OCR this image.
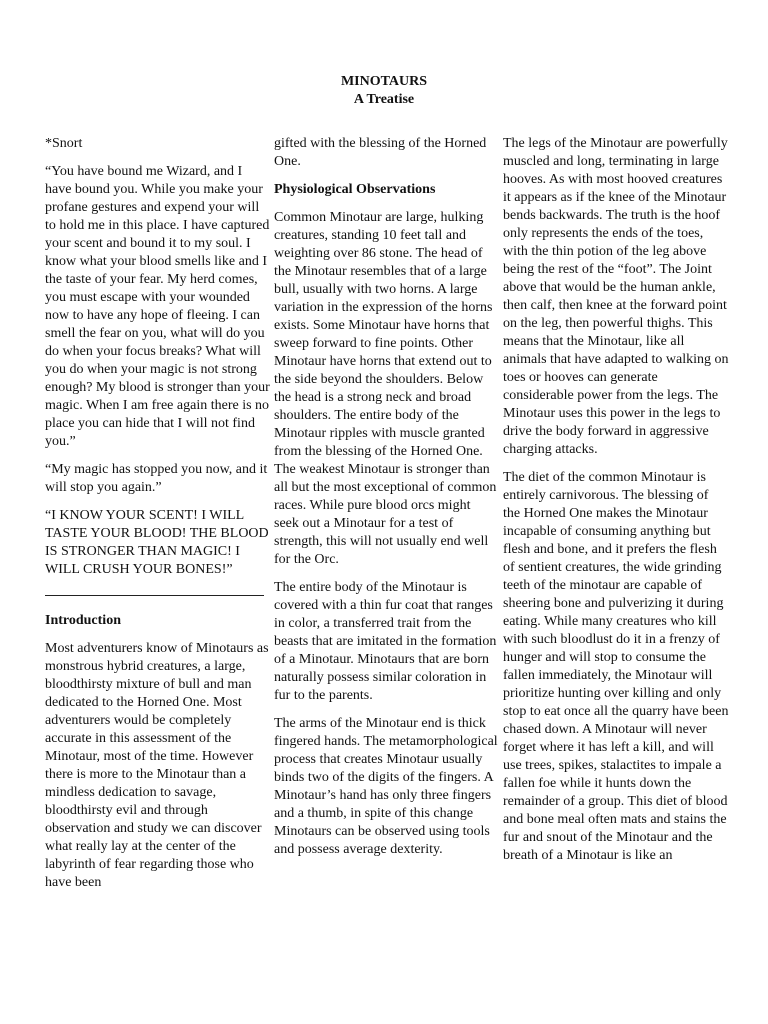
MINOTAURS
A Treatise

*Snort

“You have bound me Wizard, and I have bound you. While you make your profane gestures and expend your will to hold me in this place. I have captured your scent and bound it to my soul. I know what your blood smells like and I the taste of your fear. My herd comes, you must escape with your wounded now to have any hope of fleeing. I can smell the fear on you, what will do you do when your focus breaks? What will you do when your magic is not strong enough? My blood is stronger than your magic. When I am free again there is no place you can hide that I will not find you.”

“My magic has stopped you now, and it will stop you again.”

“I KNOW YOUR SCENT! I WILL TASTE YOUR BLOOD! THE BLOOD IS STRONGER THAN MAGIC! I WILL CRUSH YOUR BONES!”

Introduction

Most adventurers know of Minotaurs as monstrous hybrid creatures, a large, bloodthirsty mixture of bull and man dedicated to the Horned One. Most adventurers would be completely accurate in this assessment of the Minotaur, most of the time. However there is more to the Minotaur than a mindless dedication to savage, bloodthirsty evil and through observation and study we can discover what really lay at the center of the labyrinth of fear regarding those who have been

gifted with the blessing of the Horned One.

Physiological Observations

Common Minotaur are large, hulking creatures, standing 10 feet tall and weighting over 86 stone. The head of the Minotaur resembles that of a large bull, usually with two horns. A large variation in the expression of the horns exists. Some Minotaur have horns that sweep forward to fine points. Other Minotaur have horns that extend out to the side beyond the shoulders. Below the head is a strong neck and broad shoulders. The entire body of the Minotaur ripples with muscle granted from the blessing of the Horned One. The weakest Minotaur is stronger than all but the most exceptional of common races. While pure blood orcs might seek out a Minotaur for a test of strength, this will not usually end well for the Orc.

The entire body of the Minotaur is covered with a thin fur coat that ranges in color, a transferred trait from the beasts that are imitated in the formation of a Minotaur. Minotaurs that are born naturally possess similar coloration in fur to the parents.

The arms of the Minotaur end is thick fingered hands. The metamorphological process that creates Minotaur usually binds two of the digits of the fingers. A Minotaur’s hand has only three fingers and a thumb, in spite of this change Minotaurs can be observed using tools and possess average dexterity.

The legs of the Minotaur are powerfully muscled and long, terminating in large hooves. As with most hooved creatures it appears as if the knee of the Minotaur bends backwards. The truth is the hoof only represents the ends of the toes, with the thin potion of the leg above being the rest of the “foot”. The Joint above that would be the human ankle, then calf, then knee at the forward point on the leg, then powerful thighs. This means that the Minotaur, like all animals that have adapted to walking on toes or hooves can generate considerable power from the legs. The Minotaur uses this power in the legs to drive the body forward in aggressive charging attacks.

The diet of the common Minotaur is entirely carnivorous. The blessing of the Horned One makes the Minotaur incapable of consuming anything but flesh and bone, and it prefers the flesh of sentient creatures, the wide grinding teeth of the minotaur are capable of sheering bone and pulverizing it during eating. While many creatures who kill with such bloodlust do it in a frenzy of hunger and will stop to consume the fallen immediately, the Minotaur will prioritize hunting over killing and only stop to eat once all the quarry have been chased down. A Minotaur will never forget where it has left a kill, and will use trees, spikes, stalactites to impale a fallen foe while it hunts down the remainder of a group. This diet of blood and bone meal often mats and stains the fur and snout of the Minotaur and the breath of a Minotaur is like an
